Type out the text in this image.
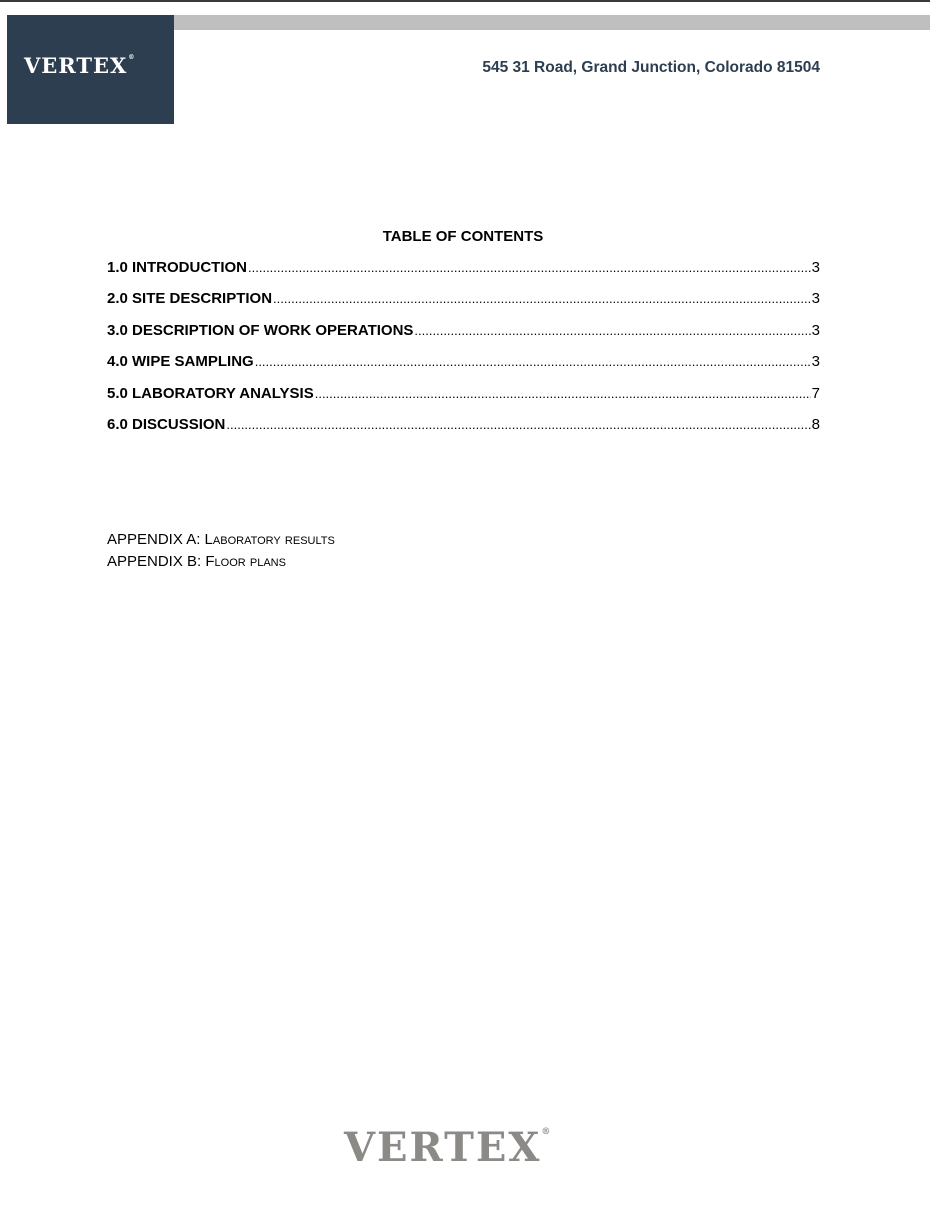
VERTEX®
545 31 Road, Grand Junction, Colorado 81504
TABLE OF CONTENTS
1.0 INTRODUCTION .....	3
2.0 SITE DESCRIPTION .....	3
3.0 DESCRIPTION OF WORK OPERATIONS .....	3
4.0 WIPE SAMPLING .....	3
5.0 LABORATORY ANALYSIS .....	7
6.0 DISCUSSION .....	8
APPENDIX A: Laboratory results
APPENDIX B: Floor plans
VERTEX®
